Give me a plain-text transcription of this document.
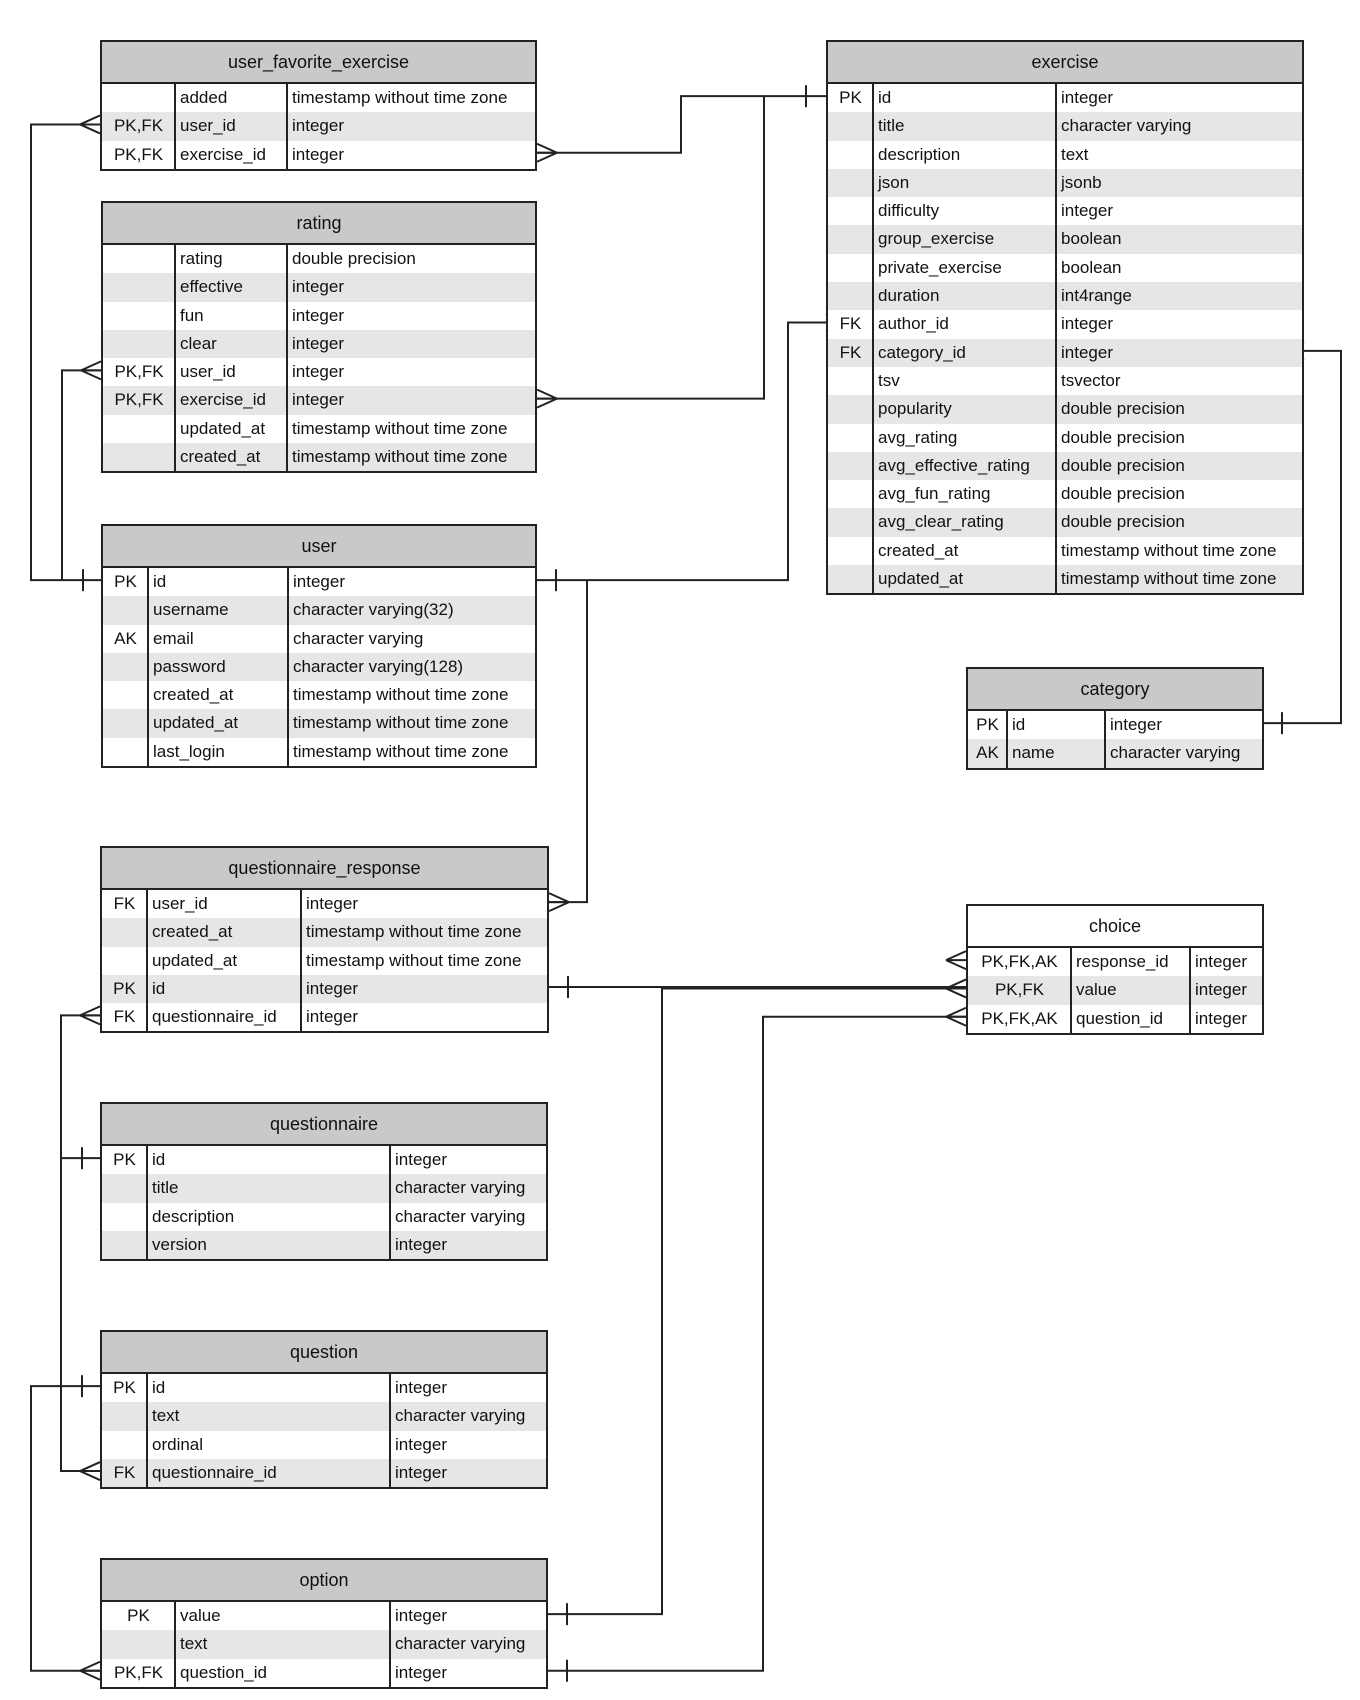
user_favorite_exercise
added	timestamp without time zone
PK,FK user_id	integer
PK,FK exercise_id	integer
rating
rating	double precision
effective	integer
fun	integer
clear	integer
PK,FK user_id	integer
PK,FK exercise_id	integer
updated_at	timestamp without time zone
created_at	timestamp without time zone
user
PK id	integer
username	character varying(32)
AK email	character varying
password	character varying(128)
created_at	timestamp without time zone
updated_at	timestamp without time zone
last_login	timestamp without time zone
questionnaire_response
FK user_id	integer
created_at	timestamp without time zone
updated_at	timestamp without time zone
PK id	integer
FK questionnaire_id	integer
questionnaire
PK id	integer
title	character varying
description	character varying
version	integer
question
PK id	integer
text	character varying
ordinal	integer
FK questionnaire_id	integer
option
PK	value	integer
text	character varying
PK,FK question_id	integer
exercise
PK id	integer
title	character varying
description	text
json	jsonb
difficulty	integer
group_exercise	boolean
private_exercise	boolean
duration	int4range
FK author_id	integer
FK category_id	integer
tsv	tsvector
popularity	double precision
avg_rating	double precision
avg_effective_rating	double precision
avg_fun_rating	double precision
avg_clear_rating	double precision
created_at	timestamp without time zone
updated_at	timestamp without time zone
category
PK id	integer
AK name	character varying
choice
PK,FK,AK	response_id	integer
PK,FK	value	integer
PK,FK,AK	question_id	integer
